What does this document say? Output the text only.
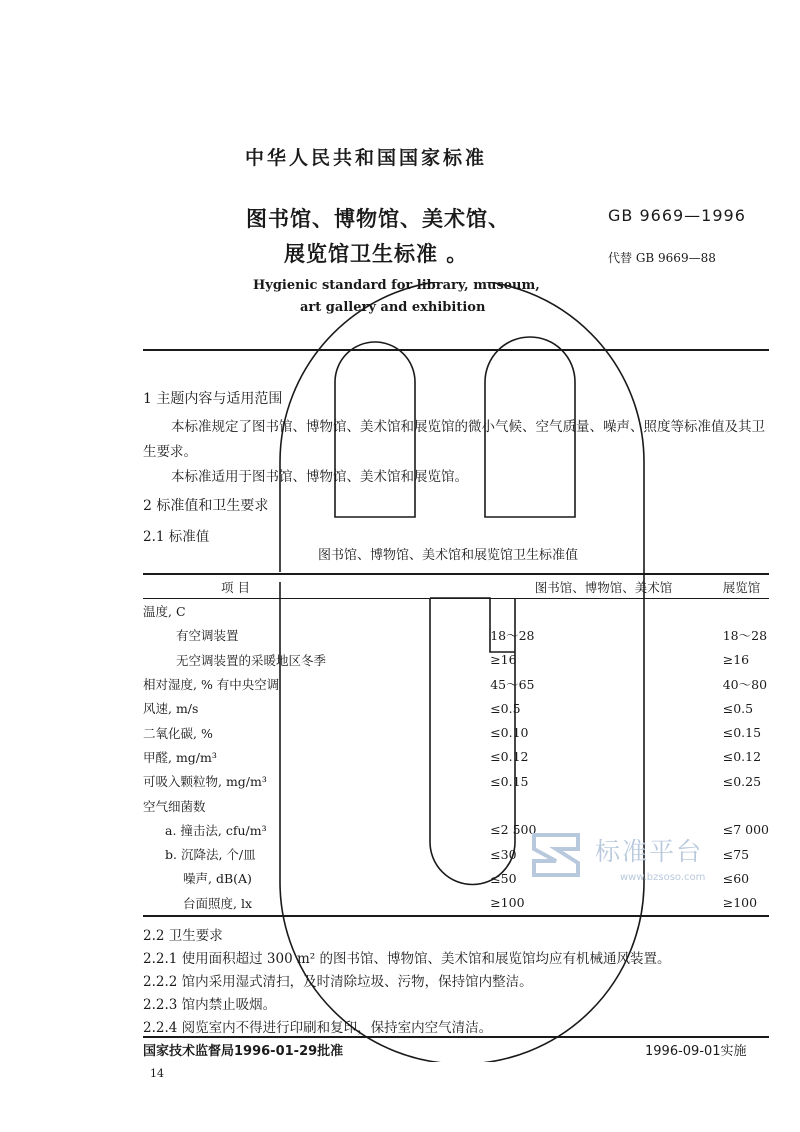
中华人民共和国国家标准
图书馆、博物馆、美术馆、
展览馆卫生标准 。
GB 9669—1996
代替 GB 9669—88
Hygienic standard for library, museum,
art gallery and exhibition
1 主题内容与适用范围
本标准规定了图书馆、博物馆、美术馆和展览馆的微小气候、空气质量、噪声、照度等标准值及其卫
生要求。
本标准适用于图书馆、博物馆、美术馆和展览馆。
2 标准值和卫生要求
2.1 标准值
图书馆、博物馆、美术馆和展览馆卫生标准值
项 目	图书馆、博物馆、美术馆	展览馆
温度, C		
有空调装置	18～28	18～28
无空调装置的采暖地区冬季	≥16	≥16
相对湿度, % 有中央空调	45～65	40～80
风速, m/s	≤0.5	≤0.5
二氧化碳, %	≤0.10	≤0.15
甲醛, mg/m³	≤0.12	≤0.12
可吸入颗粒物, mg/m³	≤0.15	≤0.25
空气细菌数		
a. 撞击法, cfu/m³	≤2 500	≤7 000
b. 沉降法, 个/皿	≤30	≤75
噪声, dB(A)	≤50	≤60
台面照度, lx	≥100	≥100
2.2 卫生要求
2.2.1 使用面积超过 300 m² 的图书馆、博物馆、美术馆和展览馆均应有机械通风装置。
2.2.2 馆内采用湿式清扫，及时清除垃圾、污物，保持馆内整洁。
2.2.3 馆内禁止吸烟。
2.2.4 阅览室内不得进行印刷和复印，保持室内空气清洁。
国家技术监督局1996-01-29批准	1996-09-01实施
14
标准平台
www.bzsoso.com
